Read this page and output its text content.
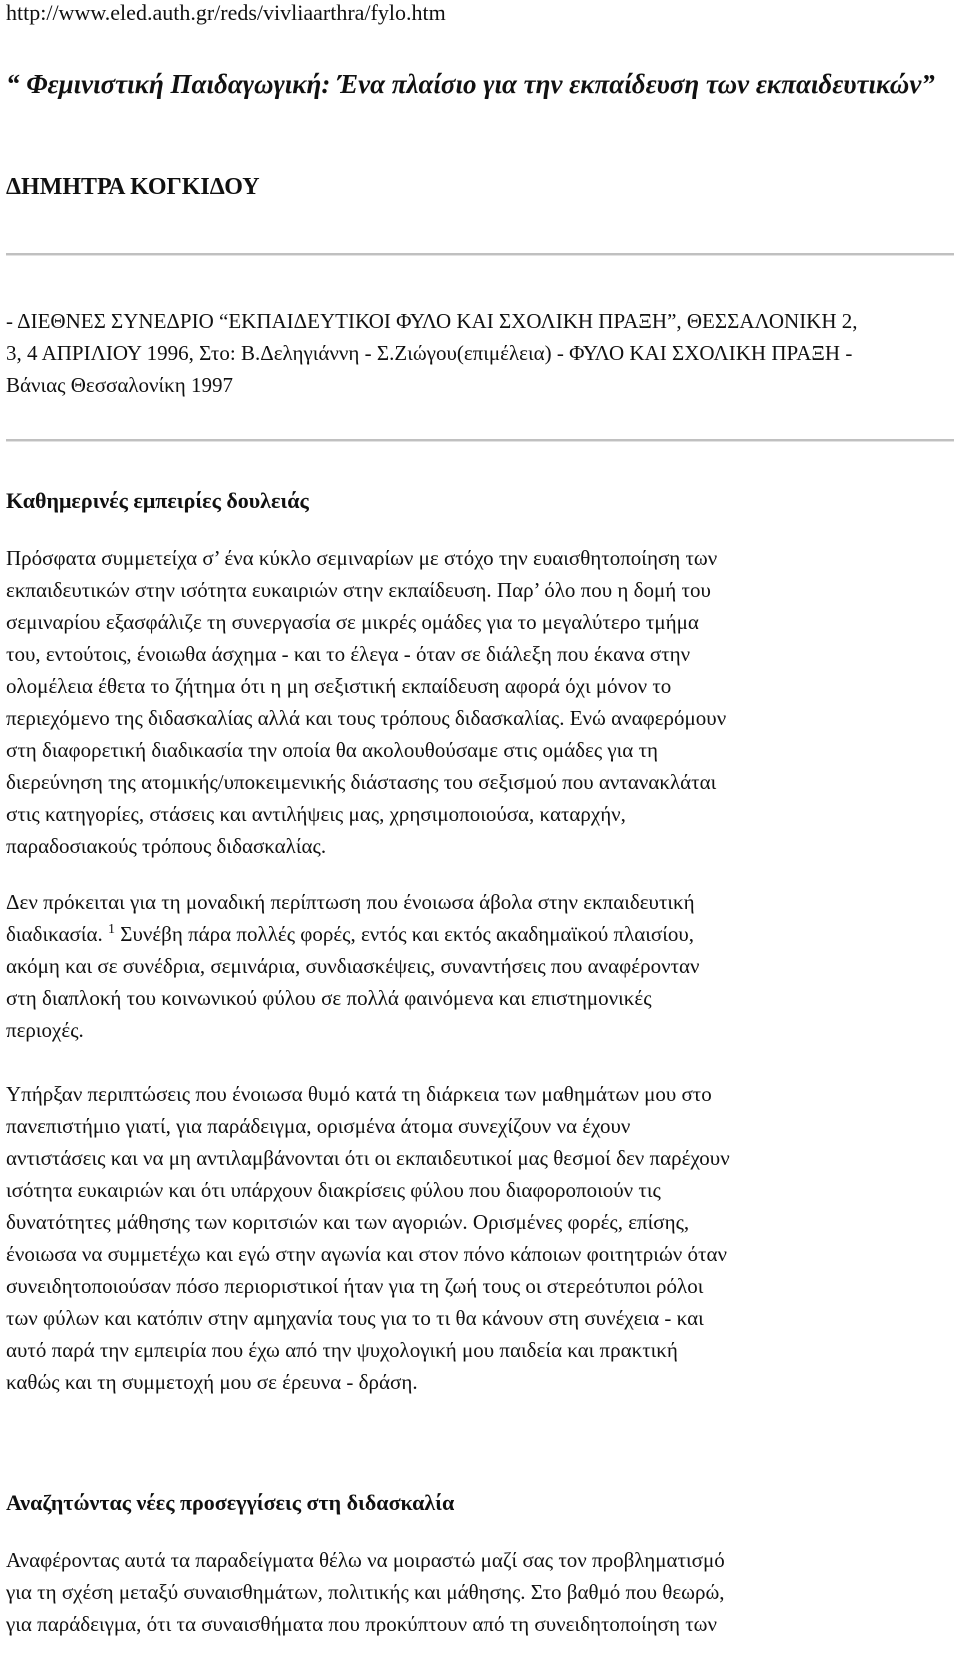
http://www.eled.auth.gr/reds/vivliaarthra/fylo.htm
“ Φεμινιστική Παιδαγωγική: Ένα πλαίσιο για την εκπαίδευση των εκπαιδευτικών”
ΔΗΜΗΤΡΑ ΚΟΓΚΙΔΟΥ

- ΔΙΕΘΝΕΣ ΣΥΝΕΔΡΙΟ “ΕΚΠΑΙΔΕΥΤΙΚΟΙ ΦΥΛΟ ΚΑΙ ΣΧΟΛΙΚΗ ΠΡΑΞΗ”, ΘΕΣΣΑΛΟΝΙΚΗ 2,
3, 4 ΑΠΡΙΛΙΟΥ 1996, Στο: Β.Δεληγιάννη - Σ.Ζιώγου(επιμέλεια) - ΦΥΛΟ ΚΑΙ ΣΧΟΛΙΚΗ ΠΡΑΞΗ -
Βάνιας Θεσσαλονίκη 1997

Καθημερινές εμπειρίες δουλειάς

Πρόσφατα συμμετείχα σ’ ένα κύκλο σεμιναρίων με στόχο την ευαισθητοποίηση των
εκπαιδευτικών στην ισότητα ευκαιριών στην εκπαίδευση. Παρ’ όλο που η δομή του
σεμιναρίου εξασφάλιζε τη συνεργασία σε μικρές ομάδες για το μεγαλύτερο τμήμα
του, εντούτοις, ένοιωθα άσχημα - και το έλεγα - όταν σε διάλεξη που έκανα στην
ολομέλεια έθετα το ζήτημα ότι η μη σεξιστική εκπαίδευση αφορά όχι μόνον το
περιεχόμενο της διδασκαλίας αλλά και τους τρόπους διδασκαλίας. Ενώ αναφερόμουν
στη διαφορετική διαδικασία την οποία θα ακολουθούσαμε στις ομάδες για τη
διερεύνηση της ατομικής/υποκειμενικής διάστασης του σεξισμού που αντανακλάται
στις κατηγορίες, στάσεις και αντιλήψεις μας, χρησιμοποιούσα, καταρχήν,
παραδοσιακούς τρόπους διδασκαλίας.

Δεν πρόκειται για τη μοναδική περίπτωση που ένοιωσα άβολα στην εκπαιδευτική
διαδικασία. $^1$ Συνέβη πάρα πολλές φορές, εντός και εκτός ακαδημαϊκού πλαισίου,
ακόμη και σε συνέδρια, σεμινάρια, συνδιασκέψεις, συναντήσεις που αναφέρονταν
στη διαπλοκή του κοινωνικού φύλου σε πολλά φαινόμενα και επιστημονικές
περιοχές.

Υπήρξαν περιπτώσεις που ένοιωσα θυμό κατά τη διάρκεια των μαθημάτων μου στο
πανεπιστήμιο γιατί, για παράδειγμα, ορισμένα άτομα συνεχίζουν να έχουν
αντιστάσεις και να μη αντιλαμβάνονται ότι οι εκπαιδευτικοί μας θεσμοί δεν παρέχουν
ισότητα ευκαιριών και ότι υπάρχουν διακρίσεις φύλου που διαφοροποιούν τις
δυνατότητες μάθησης των κοριτσιών και των αγοριών. Ορισμένες φορές, επίσης,
ένοιωσα να συμμετέχω και εγώ στην αγωνία και στον πόνο κάποιων φοιτητριών όταν
συνειδητοποιούσαν πόσο περιοριστικοί ήταν για τη ζωή τους οι στερεότυποι ρόλοι
των φύλων και κατόπιν στην αμηχανία τους για το τι θα κάνουν στη συνέχεια - και
αυτό παρά την εμπειρία που έχω από την ψυχολογική μου παιδεία και πρακτική
καθώς και τη συμμετοχή μου σε έρευνα - δράση.

Αναζητώντας νέες προσεγγίσεις στη διδασκαλία

Αναφέροντας αυτά τα παραδείγματα θέλω να μοιραστώ μαζί σας τον προβληματισμό
για τη σχέση μεταξύ συναισθημάτων, πολιτικής και μάθησης. Στο βαθμό που θεωρώ,
για παράδειγμα, ότι τα συναισθήματα που προκύπτουν από τη συνειδητοποίηση των
